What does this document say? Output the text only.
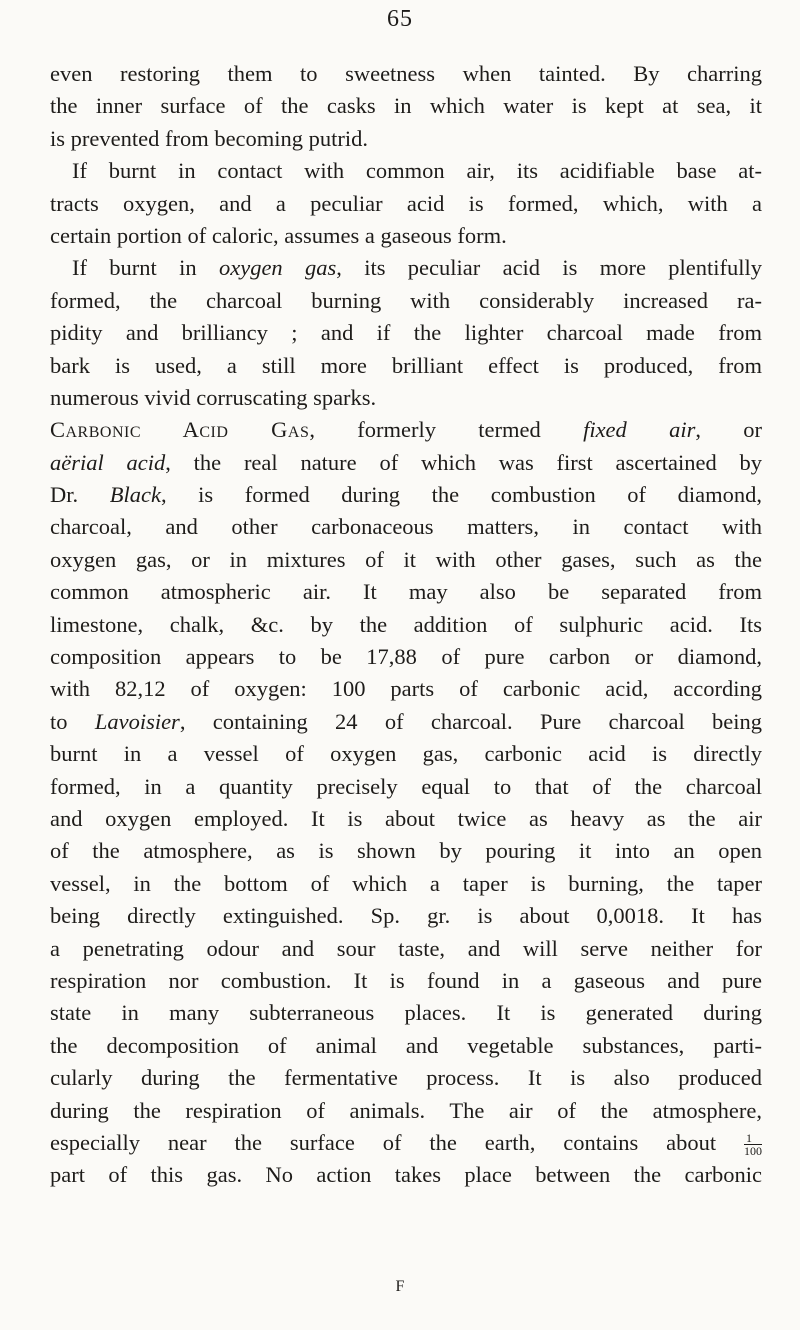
65
even restoring them to sweetness when tainted. By charring
the inner surface of the casks in which water is kept at sea, it
is prevented from becoming putrid.
If burnt in contact with common air, its acidifiable base at-
tracts oxygen, and a peculiar acid is formed, which, with a
certain portion of caloric, assumes a gaseous form.
If burnt in oxygen gas, its peculiar acid is more plentifully
formed, the charcoal burning with considerably increased ra-
pidity and brilliancy ; and if the lighter charcoal made from
bark is used, a still more brilliant effect is produced, from
numerous vivid corruscating sparks.
Carbonic Acid Gas, formerly termed fixed air, or
aërial acid, the real nature of which was first ascertained by
Dr. Black, is formed during the combustion of diamond,
charcoal, and other carbonaceous matters, in contact with
oxygen gas, or in mixtures of it with other gases, such as the
common atmospheric air. It may also be separated from
limestone, chalk, &c. by the addition of sulphuric acid. Its
composition appears to be 17,88 of pure carbon or diamond,
with 82,12 of oxygen: 100 parts of carbonic acid, according
to Lavoisier, containing 24 of charcoal. Pure charcoal being
burnt in a vessel of oxygen gas, carbonic acid is directly
formed, in a quantity precisely equal to that of the charcoal
and oxygen employed. It is about twice as heavy as the air
of the atmosphere, as is shown by pouring it into an open
vessel, in the bottom of which a taper is burning, the taper
being directly extinguished. Sp. gr. is about 0,0018. It has
a penetrating odour and sour taste, and will serve neither for
respiration nor combustion. It is found in a gaseous and pure
state in many subterraneous places. It is generated during
the decomposition of animal and vegetable substances, parti-
cularly during the fermentative process. It is also produced
during the respiration of animals. The air of the atmosphere,
especially near the surface of the earth, contains about $\frac{1}{100}$
part of this gas. No action takes place between the carbonic
F
